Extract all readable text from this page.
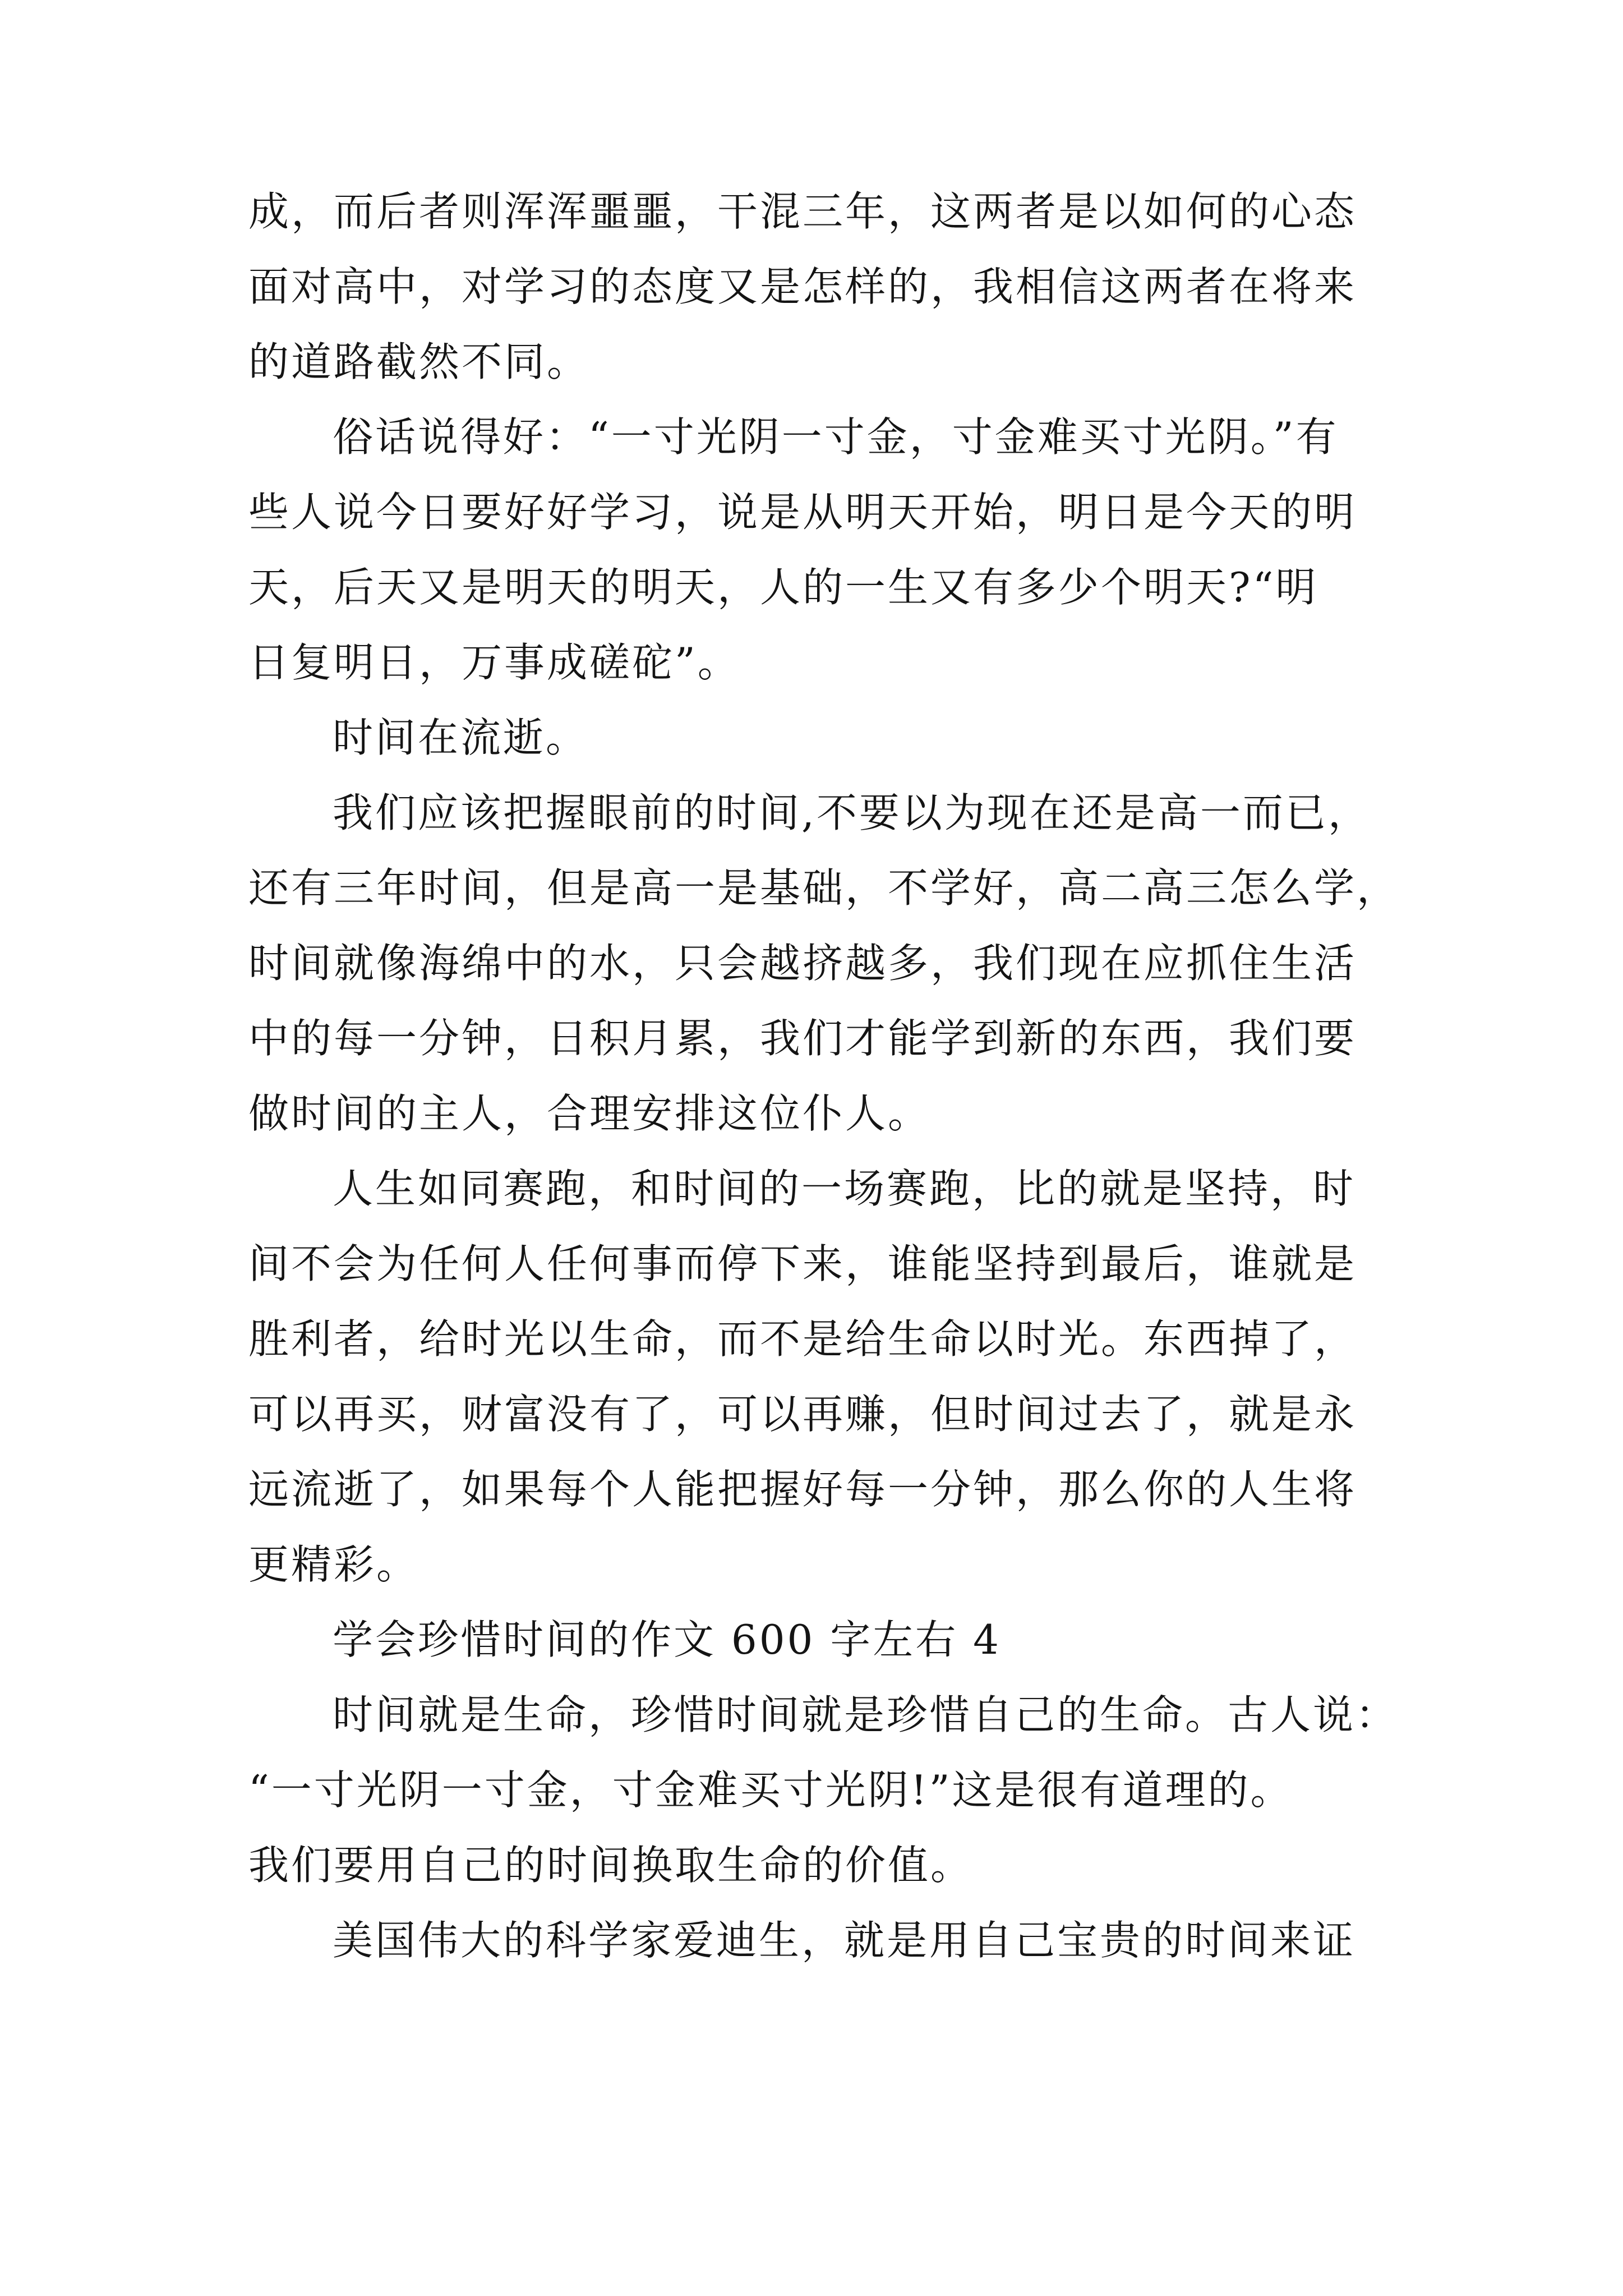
成，而后者则浑浑噩噩，干混三年，这两者是以如何的心态
面对高中，对学习的态度又是怎样的，我相信这两者在将来
的道路截然不同。
俗话说得好：“一寸光阴一寸金，寸金难买寸光阴。”有
些人说今日要好好学习，说是从明天开始，明日是今天的明
天，后天又是明天的明天，人的一生又有多少个明天?“明
日复明日，万事成磋砣”。
时间在流逝。
我们应该把握眼前的时间,不要以为现在还是高一而已，
还有三年时间，但是高一是基础，不学好，高二高三怎么学，
时间就像海绵中的水，只会越挤越多，我们现在应抓住生活
中的每一分钟，日积月累，我们才能学到新的东西，我们要
做时间的主人，合理安排这位仆人。
人生如同赛跑，和时间的一场赛跑，比的就是坚持，时
间不会为任何人任何事而停下来，谁能坚持到最后，谁就是
胜利者，给时光以生命，而不是给生命以时光。东西掉了，
可以再买，财富没有了，可以再赚，但时间过去了，就是永
远流逝了，如果每个人能把握好每一分钟，那么你的人生将
更精彩。
学会珍惜时间的作文 600 字左右 4
时间就是生命，珍惜时间就是珍惜自己的生命。古人说：
“一寸光阴一寸金，寸金难买寸光阴!”这是很有道理的。
我们要用自己的时间换取生命的价值。
美国伟大的科学家爱迪生，就是用自己宝贵的时间来证
